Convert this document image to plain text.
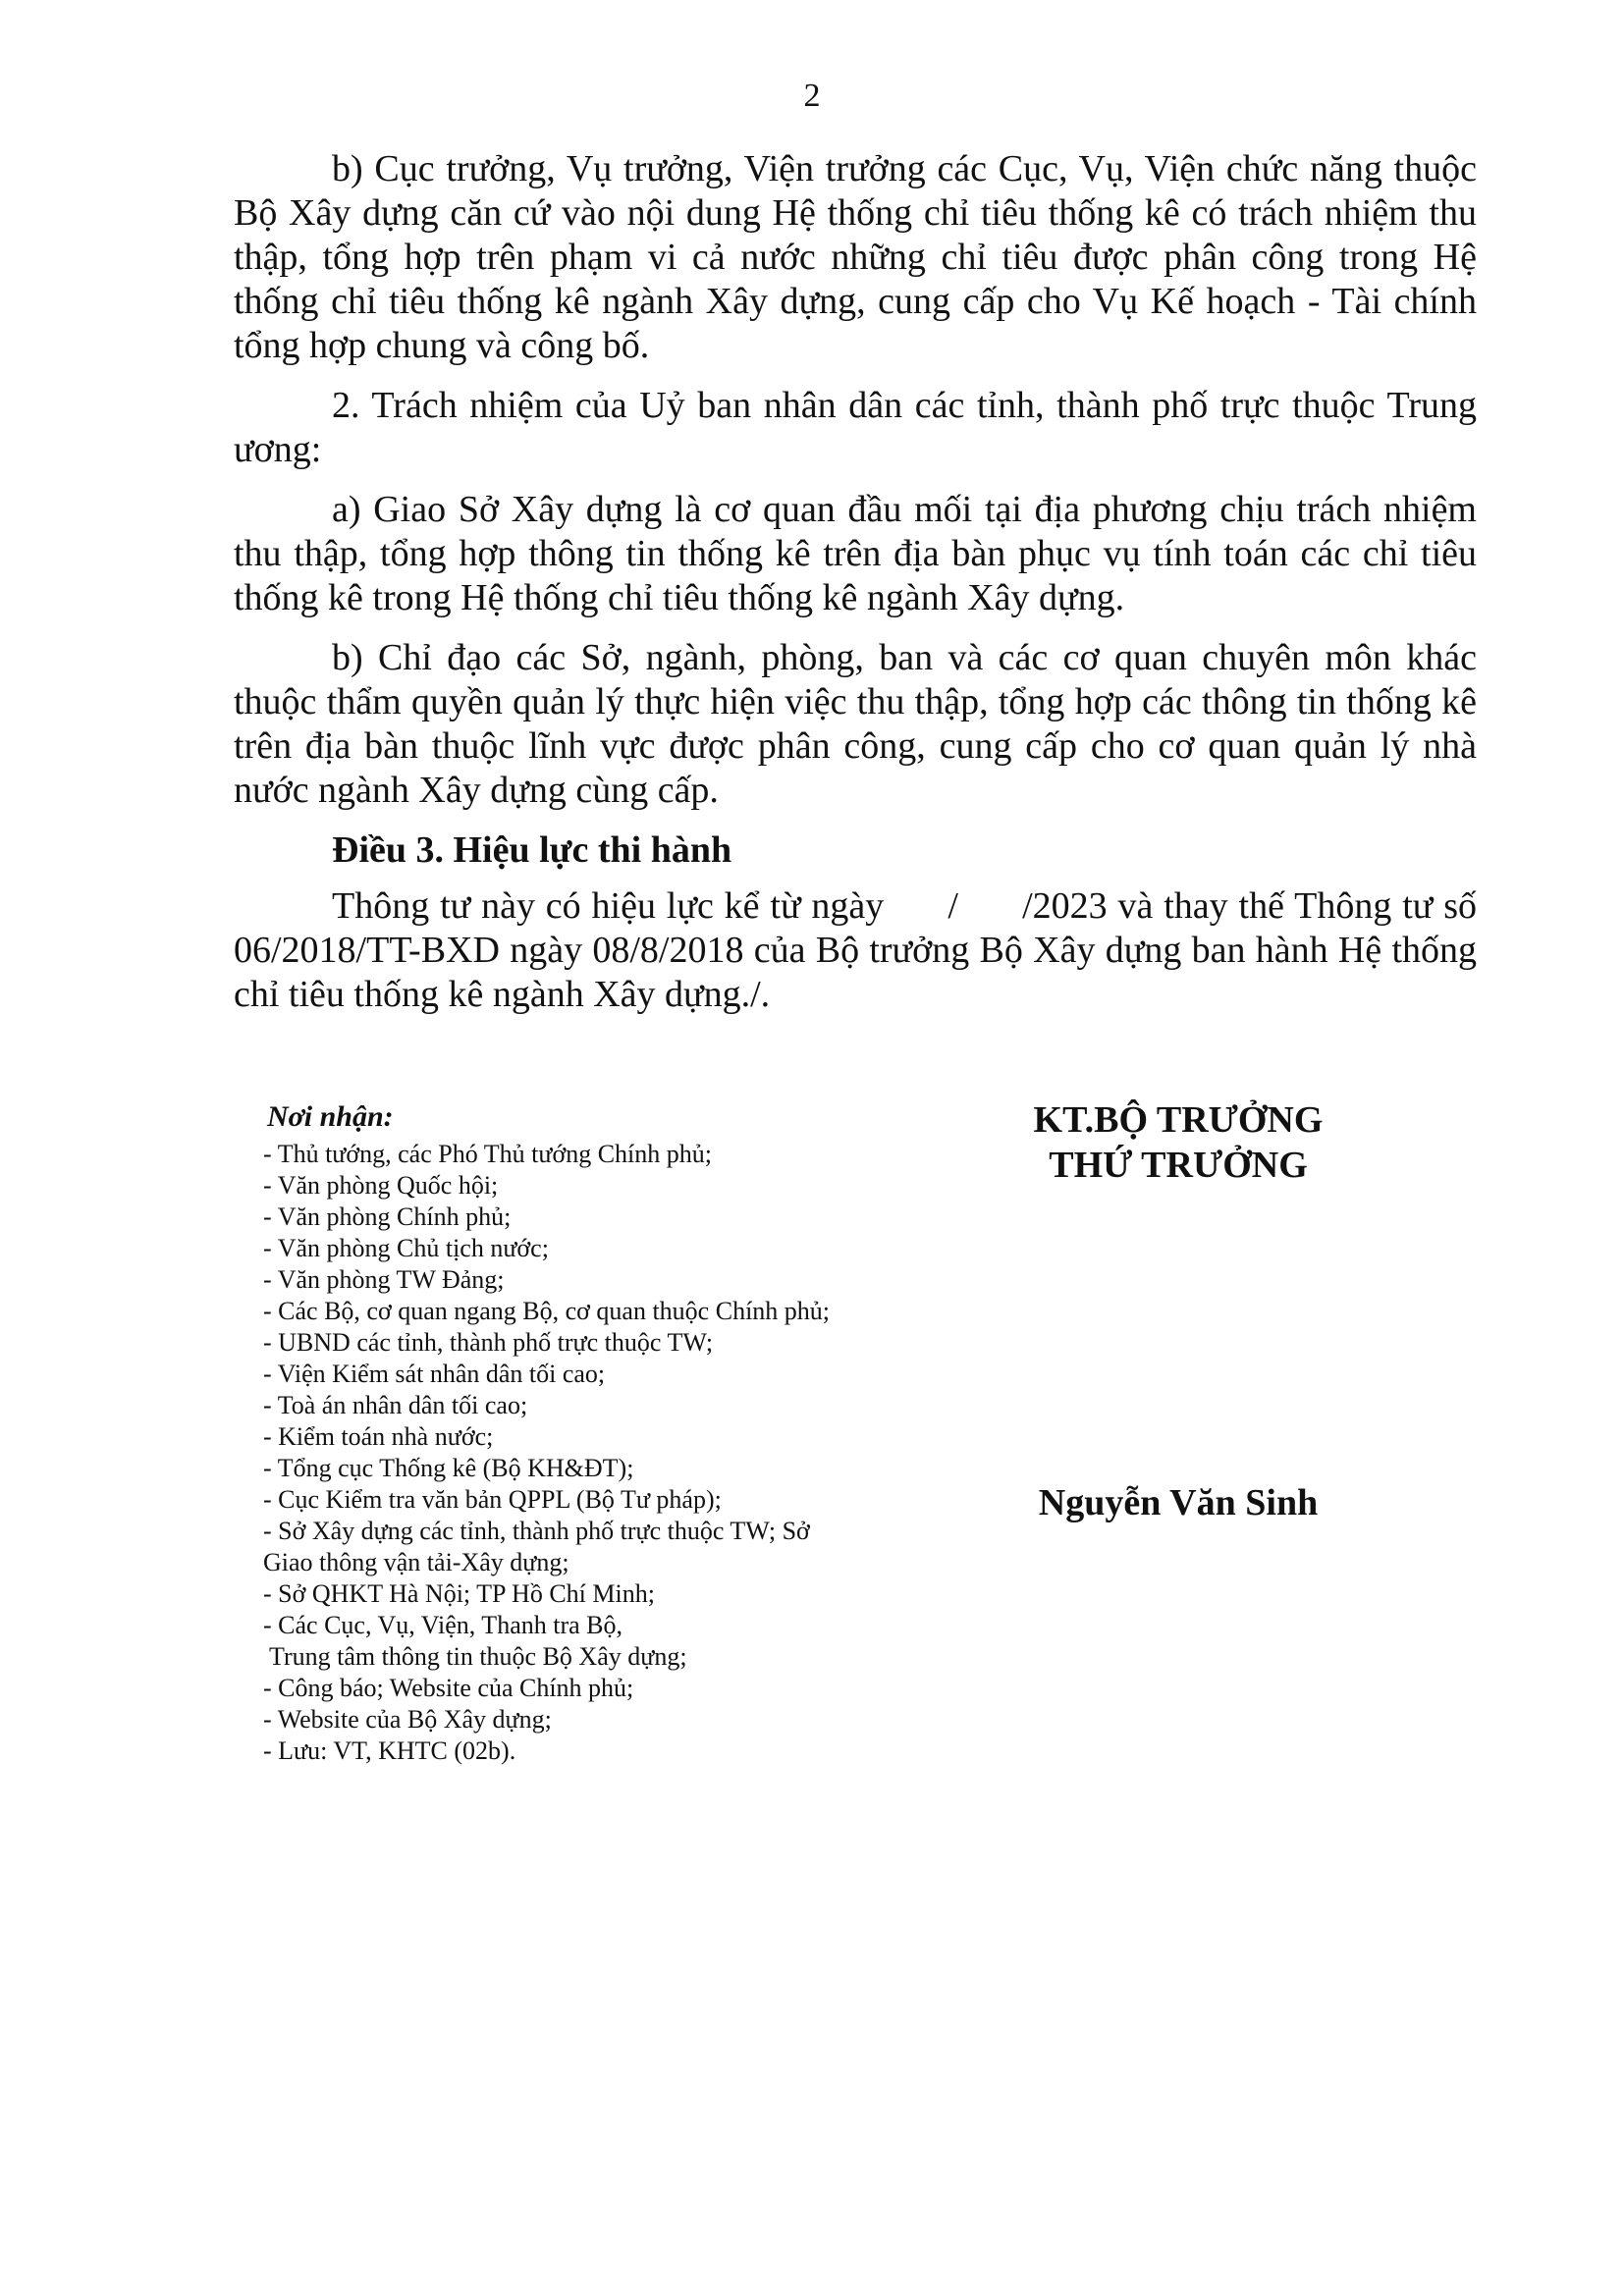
2

b) Cục trưởng, Vụ trưởng, Viện trưởng các Cục, Vụ, Viện chức năng thuộc Bộ Xây dựng căn cứ vào nội dung Hệ thống chỉ tiêu thống kê có trách nhiệm thu thập, tổng hợp trên phạm vi cả nước những chỉ tiêu được phân công trong Hệ thống chỉ tiêu thống kê ngành Xây dựng, cung cấp cho Vụ Kế hoạch - Tài chính tổng hợp chung và công bố.

2. Trách nhiệm của Uỷ ban nhân dân các tỉnh, thành phố trực thuộc Trung ương:

a) Giao Sở Xây dựng là cơ quan đầu mối tại địa phương chịu trách nhiệm thu thập, tổng hợp thông tin thống kê trên địa bàn phục vụ tính toán các chỉ tiêu thống kê trong Hệ thống chỉ tiêu thống kê ngành Xây dựng.

b) Chỉ đạo các Sở, ngành, phòng, ban và các cơ quan chuyên môn khác thuộc thẩm quyền quản lý thực hiện việc thu thập, tổng hợp các thông tin thống kê trên địa bàn thuộc lĩnh vực được phân công, cung cấp cho cơ quan quản lý nhà nước ngành Xây dựng cùng cấp.

Điều 3. Hiệu lực thi hành

Thông tư này có hiệu lực kể từ ngày      /      /2023 và thay thế Thông tư số 06/2018/TT-BXD ngày 08/8/2018 của Bộ trưởng Bộ Xây dựng ban hành Hệ thống chỉ tiêu thống kê ngành Xây dựng./.

Nơi nhận:
- Thủ tướng, các Phó Thủ tướng Chính phủ;
- Văn phòng Quốc hội;
- Văn phòng Chính phủ;
- Văn phòng Chủ tịch nước;
- Văn phòng TW Đảng;
- Các Bộ, cơ quan ngang Bộ, cơ quan thuộc Chính phủ;
- UBND các tỉnh, thành phố trực thuộc TW;
- Viện Kiểm sát nhân dân tối cao;
- Toà án nhân dân tối cao;
- Kiểm toán nhà nước;
- Tổng cục Thống kê (Bộ KH&ĐT);
- Cục Kiểm tra văn bản QPPL (Bộ Tư pháp);
- Sở Xây dựng các tỉnh, thành phố trực thuộc TW; Sở Giao thông vận tải-Xây dựng;
- Sở QHKT Hà Nội; TP Hồ Chí Minh;
- Các Cục, Vụ, Viện, Thanh tra Bộ,
Trung tâm thông tin thuộc Bộ Xây dựng;
- Công báo; Website của Chính phủ;
- Website của Bộ Xây dựng;
- Lưu: VT, KHTC (02b).
KT.BỘ TRƯỞNG
THỨ TRƯỞNG
Nguyễn Văn Sinh
